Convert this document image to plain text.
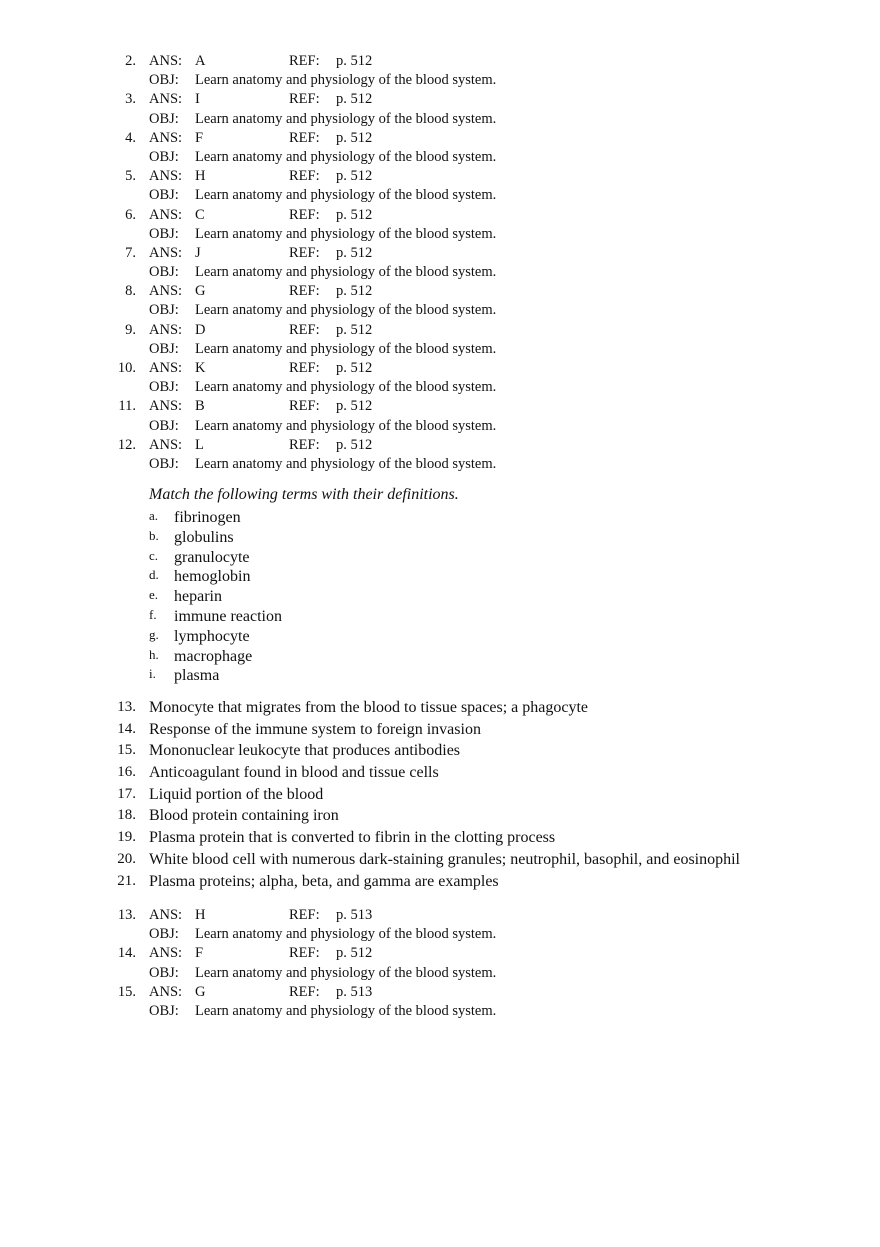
2. ANS: A	REF: p. 512
OBJ: Learn anatomy and physiology of the blood system.
3. ANS: I	REF: p. 512
OBJ: Learn anatomy and physiology of the blood system.
4. ANS: F	REF: p. 512
OBJ: Learn anatomy and physiology of the blood system.
5. ANS: H	REF: p. 512
OBJ: Learn anatomy and physiology of the blood system.
6. ANS: C	REF: p. 512
OBJ: Learn anatomy and physiology of the blood system.
7. ANS: J	REF: p. 512
OBJ: Learn anatomy and physiology of the blood system.
8. ANS: G	REF: p. 512
OBJ: Learn anatomy and physiology of the blood system.
9. ANS: D	REF: p. 512
OBJ: Learn anatomy and physiology of the blood system.
10. ANS: K	REF: p. 512
OBJ: Learn anatomy and physiology of the blood system.
11. ANS: B	REF: p. 512
OBJ: Learn anatomy and physiology of the blood system.
12. ANS: L	REF: p. 512
OBJ: Learn anatomy and physiology of the blood system.
Match the following terms with their definitions.
a. fibrinogen
b. globulins
c. granulocyte
d. hemoglobin
e. heparin
f. immune reaction
g. lymphocyte
h. macrophage
i. plasma
13. Monocyte that migrates from the blood to tissue spaces; a phagocyte
14. Response of the immune system to foreign invasion
15. Mononuclear leukocyte that produces antibodies
16. Anticoagulant found in blood and tissue cells
17. Liquid portion of the blood
18. Blood protein containing iron
19. Plasma protein that is converted to fibrin in the clotting process
20. White blood cell with numerous dark-staining granules; neutrophil, basophil, and eosinophil
21. Plasma proteins; alpha, beta, and gamma are examples
13. ANS: H	REF: p. 513
OBJ: Learn anatomy and physiology of the blood system.
14. ANS: F	REF: p. 512
OBJ: Learn anatomy and physiology of the blood system.
15. ANS: G	REF: p. 513
OBJ: Learn anatomy and physiology of the blood system.
